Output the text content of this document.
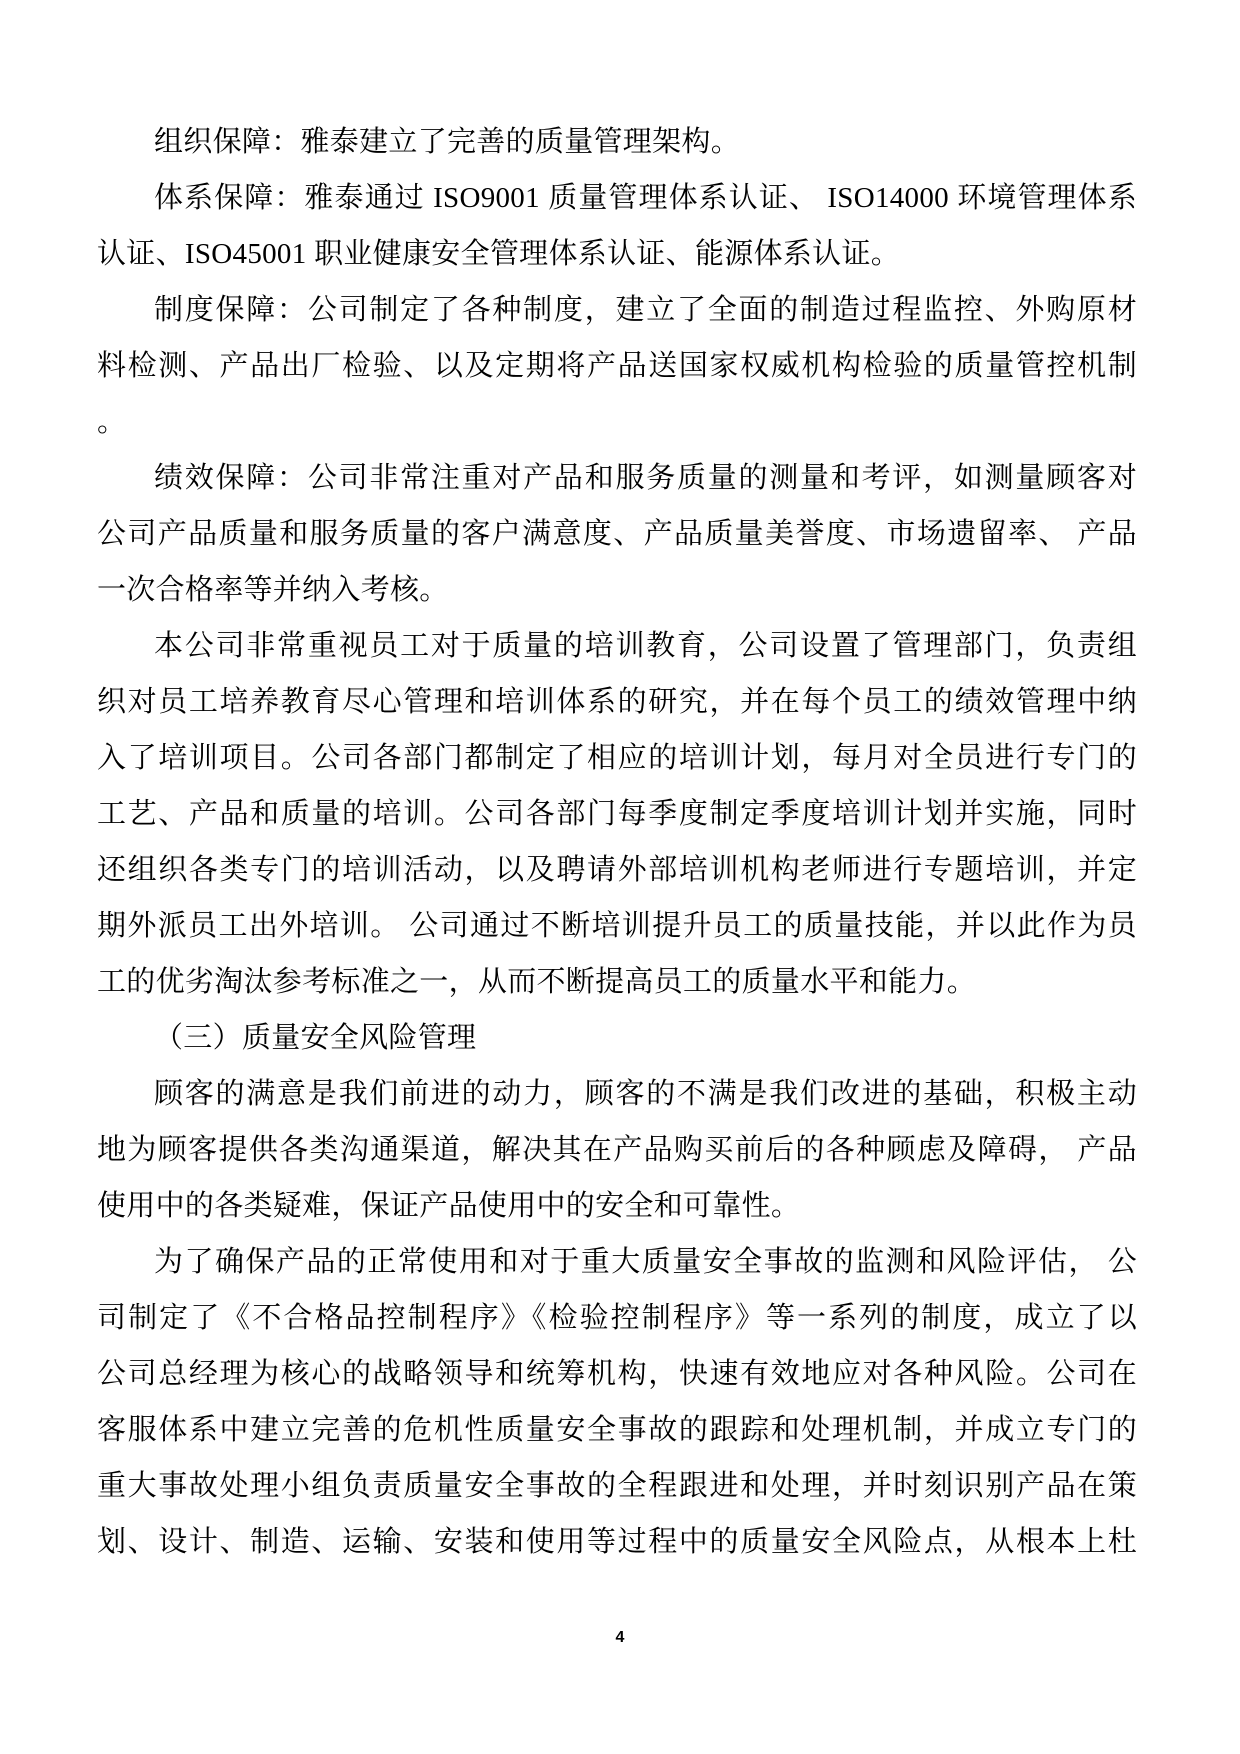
组织保障：雅泰建立了完善的质量管理架构。
体系保障：雅泰通过 ISO9001 质量管理体系认证、 ISO14000 环境管理体系
认证、ISO45001 职业健康安全管理体系认证、能源体系认证。
制度保障：公司制定了各种制度，建立了全面的制造过程监控、外购原材
料检测、产品出厂检验、以及定期将产品送国家权威机构检验的质量管控机制
。
绩效保障：公司非常注重对产品和服务质量的测量和考评，如测量顾客对
公司产品质量和服务质量的客户满意度、产品质量美誉度、市场遗留率、 产品
一次合格率等并纳入考核。
本公司非常重视员工对于质量的培训教育，公司设置了管理部门，负责组
织对员工培养教育尽心管理和培训体系的研究，并在每个员工的绩效管理中纳
入了培训项目。公司各部门都制定了相应的培训计划，每月对全员进行专门的
工艺、产品和质量的培训。公司各部门每季度制定季度培训计划并实施，同时
还组织各类专门的培训活动，以及聘请外部培训机构老师进行专题培训，并定
期外派员工出外培训。 公司通过不断培训提升员工的质量技能，并以此作为员
工的优劣淘汰参考标准之一，从而不断提高员工的质量水平和能力。
（三）质量安全风险管理
顾客的满意是我们前进的动力，顾客的不满是我们改进的基础，积极主动
地为顾客提供各类沟通渠道，解决其在产品购买前后的各种顾虑及障碍， 产品
使用中的各类疑难，保证产品使用中的安全和可靠性。
为了确保产品的正常使用和对于重大质量安全事故的监测和风险评估， 公
司制定了《不合格品控制程序》《检验控制程序》等一系列的制度，成立了以
公司总经理为核心的战略领导和统筹机构，快速有效地应对各种风险。公司在
客服体系中建立完善的危机性质量安全事故的跟踪和处理机制，并成立专门的
重大事故处理小组负责质量安全事故的全程跟进和处理，并时刻识别产品在策
划、设计、制造、运输、安装和使用等过程中的质量安全风险点，从根本上杜
4
